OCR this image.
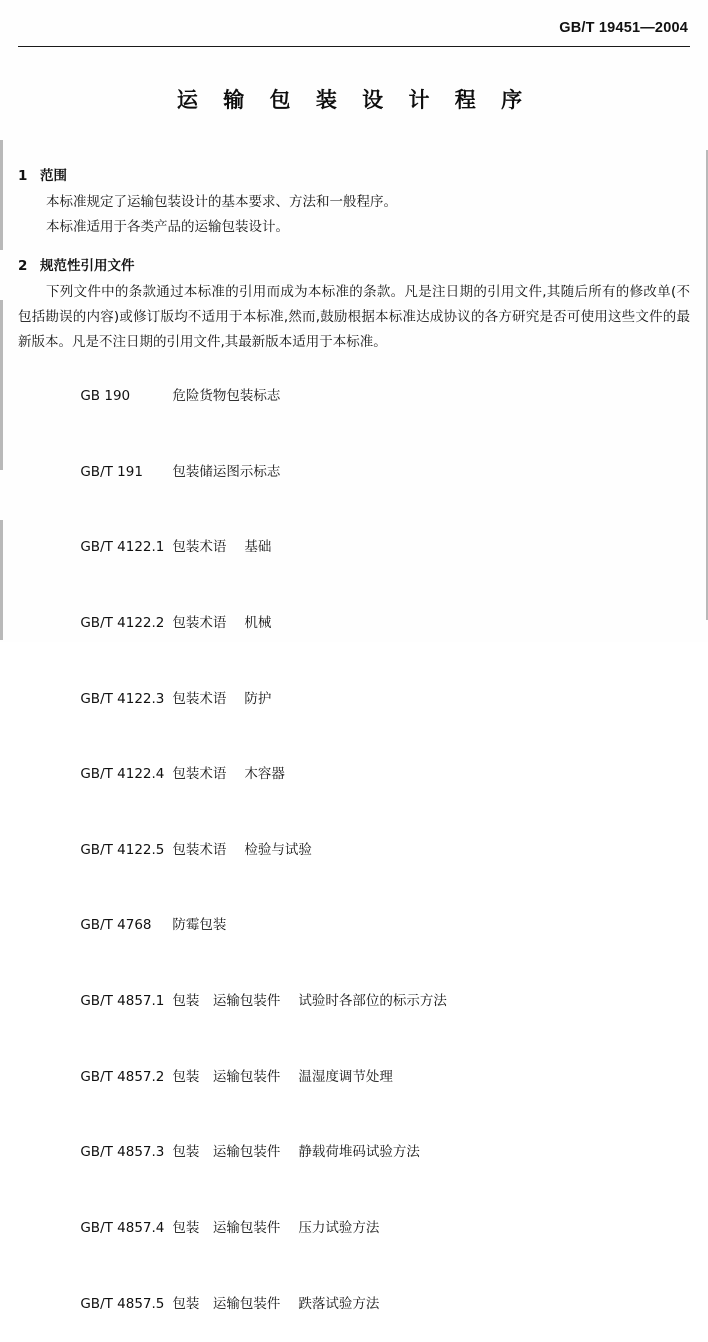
GB/T 19451—2004
运 输 包 装 设 计 程 序
1 范围

本标准规定了运输包装设计的基本要求、方法和一般程序。

本标准适用于各类产品的运输包装设计。

2 规范性引用文件

下列文件中的条款通过本标准的引用而成为本标准的条款。凡是注日期的引用文件,其随后所有的修改单(不包括勘误的内容)或修订版均不适用于本标准,然而,鼓励根据本标准达成协议的各方研究是否可使用这些文件的最新版本。凡是不注日期的引用文件,其最新版本适用于本标准。

GB 190	危险货物包装标志

GB/T 191 包装储运图示标志

GB/T 4122.1 包装术语 基础

GB/T 4122.2 包装术语 机械

GB/T 4122.3 包装术语 防护

GB/T 4122.4 包装术语 木容器

GB/T 4122.5 包装术语 检验与试验

GB/T 4768 防霉包装

GB/T 4857.1 包装　运输包装件 试验时各部位的标示方法

GB/T 4857.2 包装　运输包装件 温湿度调节处理

GB/T 4857.3 包装　运输包装件 静载荷堆码试验方法

GB/T 4857.4 包装　运输包装件 压力试验方法

GB/T 4857.5 包装　运输包装件 跌落试验方法
